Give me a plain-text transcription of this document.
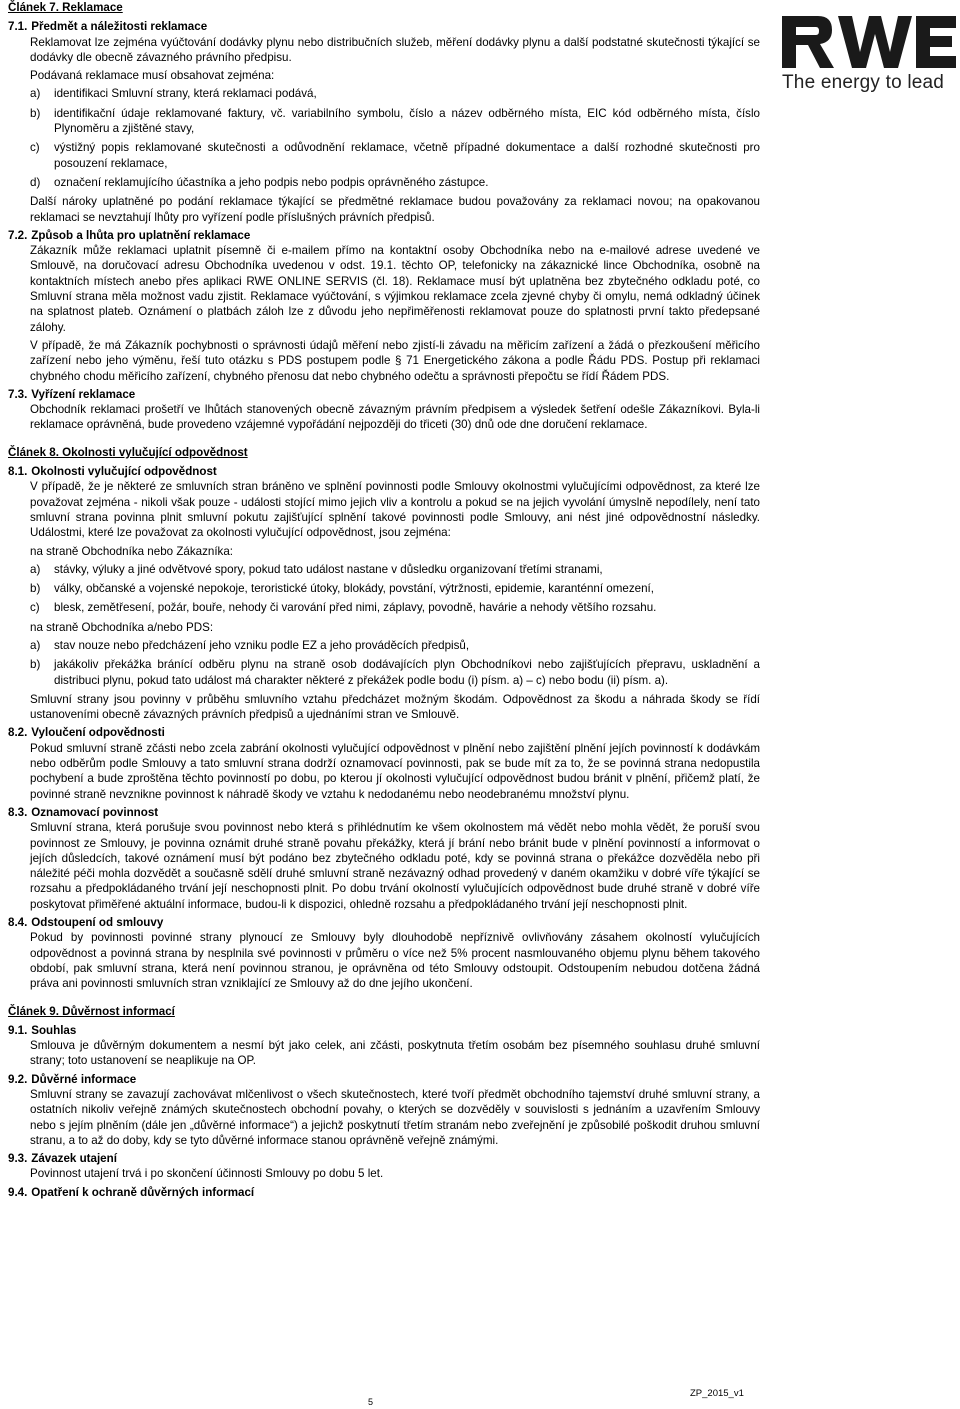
The energy to lead

Článek 7. Reklamace

7.1. Předmět a náležitosti reklamace

Reklamovat lze zejména vyúčtování dodávky plynu nebo distribučních služeb, měření dodávky plynu a další podstatné skutečnosti týkající se dodávky dle obecně závazného právního předpisu.

Podávaná reklamace musí obsahovat zejména:

a) identifikaci Smluvní strany, která reklamaci podává,
b) identifikační údaje reklamované faktury, vč. variabilního symbolu, číslo a název odběrného místa, EIC kód odběrného místa, číslo Plynoměru a zjištěné stavy,
c) výstižný popis reklamované skutečnosti a odůvodnění reklamace, včetně případné dokumentace a další rozhodné skutečnosti pro posouzení reklamace,
d) označení reklamujícího účastníka a jeho podpis nebo podpis oprávněného zástupce.

Další nároky uplatněné po podání reklamace týkající se předmětné reklamace budou považovány za reklamaci novou; na opakovanou reklamaci se nevztahují lhůty pro vyřízení podle příslušných právních předpisů.

7.2. Způsob a lhůta pro uplatnění reklamace

Zákazník může reklamaci uplatnit písemně či e-mailem přímo na kontaktní osoby Obchodníka nebo na e-mailové adrese uvedené ve Smlouvě, na doručovací adresu Obchodníka uvedenou v odst. 19.1. těchto OP, telefonicky na zákaznické lince Obchodníka, osobně na kontaktních místech anebo přes aplikaci RWE ONLINE SERVIS (čl. 18). Reklamace musí být uplatněna bez zbytečného odkladu poté, co Smluvní strana měla možnost vadu zjistit. Reklamace vyúčtování, s výjimkou reklamace zcela zjevné chyby či omylu, nemá odkladný účinek na splatnost plateb. Oznámení o platbách záloh lze z důvodu jeho nepřiměřenosti reklamovat pouze do splatnosti první takto předepsané zálohy.

V případě, že má Zákazník pochybnosti o správnosti údajů měření nebo zjistí-li závadu na měřicím zařízení a žádá o přezkoušení měřicího zařízení nebo jeho výměnu, řeší tuto otázku s PDS postupem podle § 71 Energetického zákona a podle Řádu PDS. Postup při reklamaci chybného chodu měřicího zařízení, chybného přenosu dat nebo chybného odečtu a správnosti přepočtu se řídí Řádem PDS.

7.3. Vyřízení reklamace

Obchodník reklamaci prošetří ve lhůtách stanovených obecně závazným právním předpisem a výsledek šetření odešle Zákazníkovi. Byla-li reklamace oprávněná, bude provedeno vzájemné vypořádání nejpozději do třiceti (30) dnů ode dne doručení reklamace.

Článek 8. Okolnosti vylučující odpovědnost

8.1. Okolnosti vylučující odpovědnost

V případě, že je některé ze smluvních stran bráněno ve splnění povinnosti podle Smlouvy okolnostmi vylučujícími odpovědnost, za které lze považovat zejména - nikoli však pouze - události stojící mimo jejich vliv a kontrolu a pokud se na jejich vyvolání úmyslně nepodílely, není tato smluvní strana povinna plnit smluvní pokutu zajišťující splnění takové povinnosti podle Smlouvy, ani nést jiné odpovědnostní následky. Událostmi, které lze považovat za okolnosti vylučující odpovědnost, jsou zejména:

na straně Obchodníka nebo Zákazníka:

a) stávky, výluky a jiné odvětvové spory, pokud tato událost nastane v důsledku organizovaní třetími stranami,
b) války, občanské a vojenské nepokoje, teroristické útoky, blokády, povstání, výtržnosti, epidemie, karanténní omezení,
c) blesk, zemětřesení, požár, bouře, nehody či varování před nimi, záplavy, povodně, havárie a nehody většího rozsahu.

na straně Obchodníka a/nebo PDS:

a) stav nouze nebo předcházení jeho vzniku podle EZ a jeho prováděcích předpisů,
b) jakákoliv překážka bránící odběru plynu na straně osob dodávajících plyn Obchodníkovi nebo zajišťujících přepravu, uskladnění a distribuci plynu, pokud tato událost má charakter některé z překážek podle bodu (i) písm. a) – c) nebo bodu (ii) písm. a).

Smluvní strany jsou povinny v průběhu smluvního vztahu předcházet možným škodám. Odpovědnost za škodu a náhrada škody se řídí ustanoveními obecně závazných právních předpisů a ujednáními stran ve Smlouvě.

8.2. Vyloučení odpovědnosti

Pokud smluvní straně zčásti nebo zcela zabrání okolnosti vylučující odpovědnost v plnění nebo zajištění plnění jejích povinností k dodávkám nebo odběrům podle Smlouvy a tato smluvní strana dodrží oznamovací povinnosti, pak se bude mít za to, že se povinná strana nedopustila pochybení a bude zproštěna těchto povinností po dobu, po kterou jí okolnosti vylučující odpovědnost budou bránit v plnění, přičemž platí, že povinné straně nevznikne povinnost k náhradě škody ve vztahu k nedodanému nebo neodebranému množství plynu.

8.3. Oznamovací povinnost

Smluvní strana, která porušuje svou povinnost nebo která s přihlédnutím ke všem okolnostem má vědět nebo mohla vědět, že poruší svou povinnost ze Smlouvy, je povinna oznámit druhé straně povahu překážky, která jí brání nebo bránit bude v plnění povinností a informovat o jejích důsledcích, takové oznámení musí být podáno bez zbytečného odkladu poté, kdy se povinná strana o překážce dozvěděla nebo při náležité péči mohla dozvědět a současně sdělí druhé smluvní straně nezávazný odhad provedený v daném okamžiku v dobré víře týkající se rozsahu a předpokládaného trvání její neschopnosti plnit. Po dobu trvání okolností vylučujících odpovědnost bude druhé straně v dobré víře poskytovat přiměřené aktuální informace, budou-li k dispozici, ohledně rozsahu a předpokládaného trvání její neschopnosti plnit.

8.4. Odstoupení od smlouvy

Pokud by povinnosti povinné strany plynoucí ze Smlouvy byly dlouhodobě nepříznivě ovlivňovány zásahem okolností vylučujících odpovědnost a povinná strana by nesplnila své povinnosti v průměru o více než 5% procent nasmlouvaného objemu plynu během takového období, pak smluvní strana, která není povinnou stranou, je oprávněna od této Smlouvy odstoupit. Odstoupením nebudou dotčena žádná práva ani povinnosti smluvních stran vzniklající ze Smlouvy až do dne jejího ukončení.

Článek 9. Důvěrnost informací

9.1. Souhlas

Smlouva je důvěrným dokumentem a nesmí být jako celek, ani zčásti, poskytnuta třetím osobám bez písemného souhlasu druhé smluvní strany; toto ustanovení se neaplikuje na OP.

9.2. Důvěrné informace

Smluvní strany se zavazují zachovávat mlčenlivost o všech skutečnostech, které tvoří předmět obchodního tajemství druhé smluvní strany, a ostatních nikoliv veřejně známých skutečnostech obchodní povahy, o kterých se dozvěděly v souvislosti s jednáním a uzavřením Smlouvy nebo s jejím plněním (dále jen „důvěrné informace“) a jejichž poskytnutí třetím stranám nebo zveřejnění je způsobilé poškodit druhou smluvní stranu, a to až do doby, kdy se tyto důvěrné informace stanou oprávněně veřejně známými.

9.3. Závazek utajení

Povinnost utajení trvá i po skončení účinnosti Smlouvy po dobu 5 let.

9.4. Opatření k ochraně důvěrných informací

5
ZP_2015_v1
